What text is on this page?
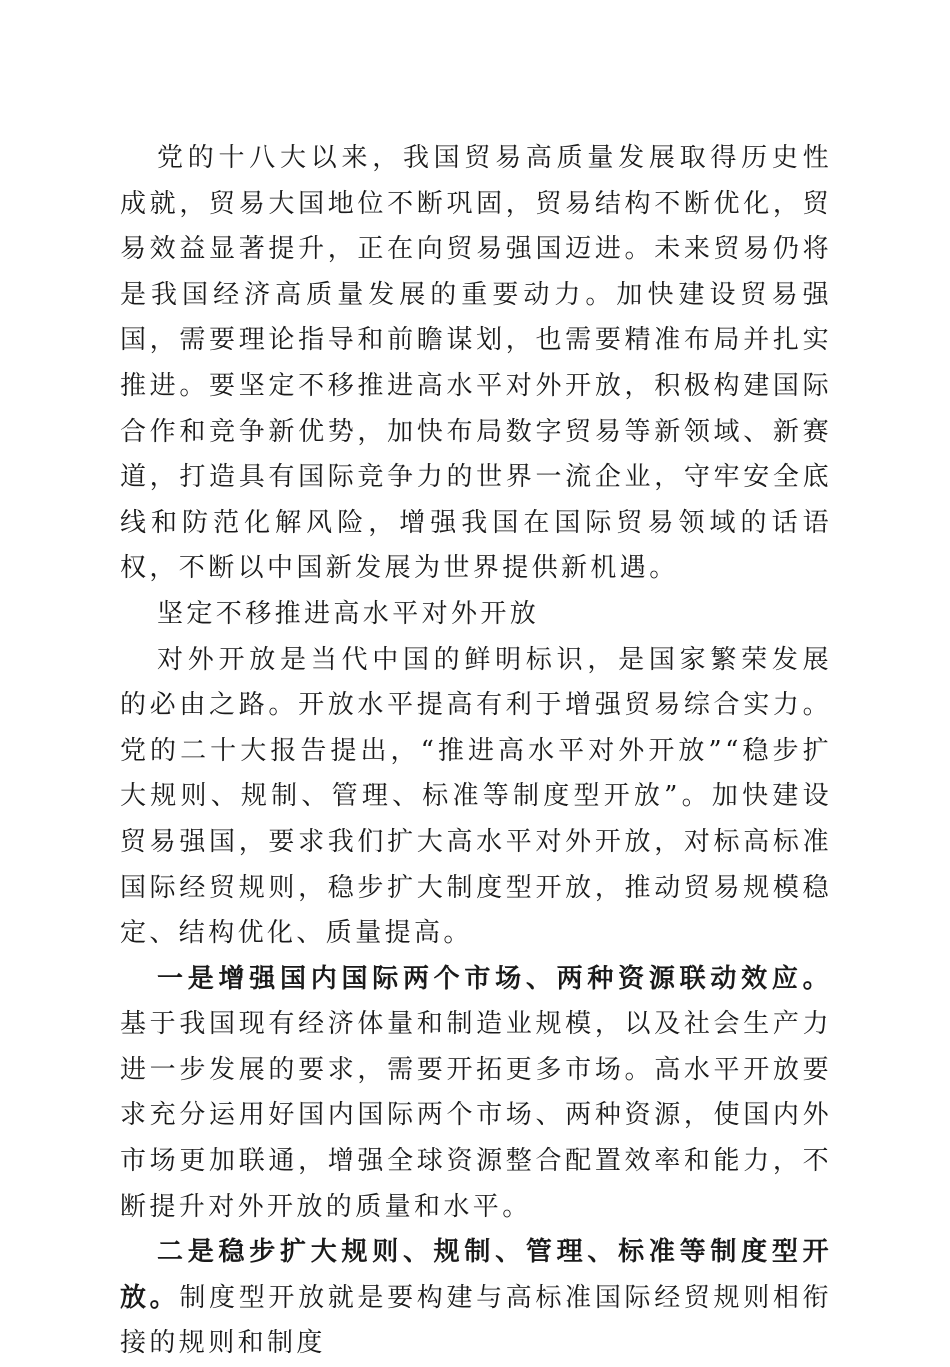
党的十八大以来，我国贸易高质量发展取得历史性成就，贸易大国地位不断巩固，贸易结构不断优化，贸易效益显著提升，正在向贸易强国迈进。未来贸易仍将是我国经济高质量发展的重要动力。加快建设贸易强国，需要理论指导和前瞻谋划，也需要精准布局并扎实推进。要坚定不移推进高水平对外开放，积极构建国际合作和竞争新优势，加快布局数字贸易等新领域、新赛道，打造具有国际竞争力的世界一流企业，守牢安全底线和防范化解风险，增强我国在国际贸易领域的话语权，不断以中国新发展为世界提供新机遇。

坚定不移推进高水平对外开放

对外开放是当代中国的鲜明标识，是国家繁荣发展的必由之路。开放水平提高有利于增强贸易综合实力。党的二十大报告提出，“推进高水平对外开放”“稳步扩大规则、规制、管理、标准等制度型开放”。加快建设贸易强国，要求我们扩大高水平对外开放，对标高标准国际经贸规则，稳步扩大制度型开放，推动贸易规模稳定、结构优化、质量提高。

一是增强国内国际两个市场、两种资源联动效应。基于我国现有经济体量和制造业规模，以及社会生产力进一步发展的要求，需要开拓更多市场。高水平开放要求充分运用好国内国际两个市场、两种资源，使国内外市场更加联通，增强全球资源整合配置效率和能力，不断提升对外开放的质量和水平。

二是稳步扩大规则、规制、管理、标准等制度型开放。制度型开放就是要构建与高标准国际经贸规则相衔接的规则和制度
